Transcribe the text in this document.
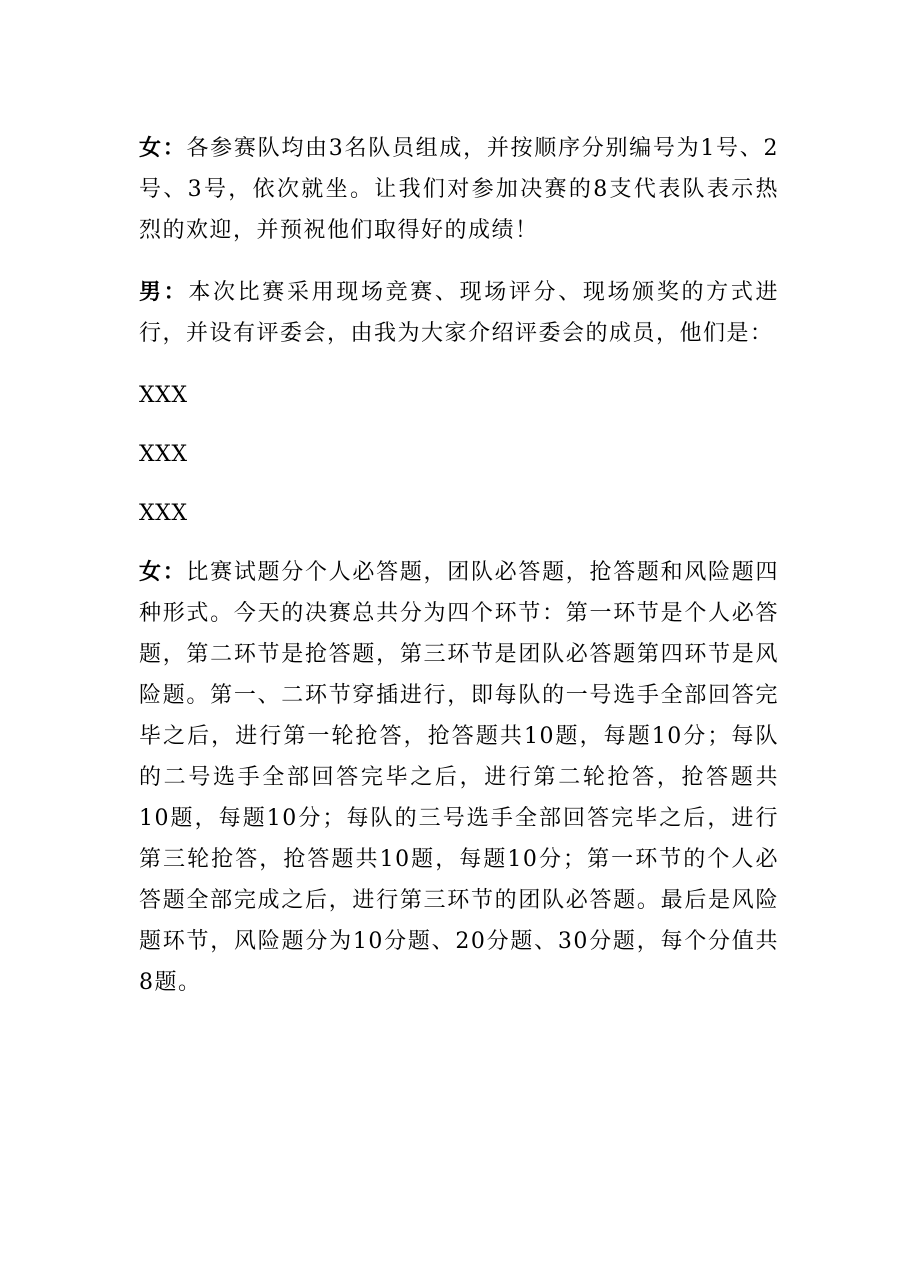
女：各参赛队均由3名队员组成，并按顺序分别编号为1号、2号、3号，依次就坐。让我们对参加决赛的8支代表队表示热烈的欢迎，并预祝他们取得好的成绩！

男：本次比赛采用现场竞赛、现场评分、现场颁奖的方式进行，并设有评委会，由我为大家介绍评委会的成员，他们是：

XXX

XXX

XXX

女：比赛试题分个人必答题，团队必答题，抢答题和风险题四种形式。今天的决赛总共分为四个环节：第一环节是个人必答题，第二环节是抢答题，第三环节是团队必答题第四环节是风险题。第一、二环节穿插进行，即每队的一号选手全部回答完毕之后，进行第一轮抢答，抢答题共10题，每题10分；每队的二号选手全部回答完毕之后，进行第二轮抢答，抢答题共10题，每题10分；每队的三号选手全部回答完毕之后，进行第三轮抢答，抢答题共10题，每题10分；第一环节的个人必答题全部完成之后，进行第三环节的团队必答题。最后是风险题环节，风险题分为10分题、20分题、30分题，每个分值共8题。
